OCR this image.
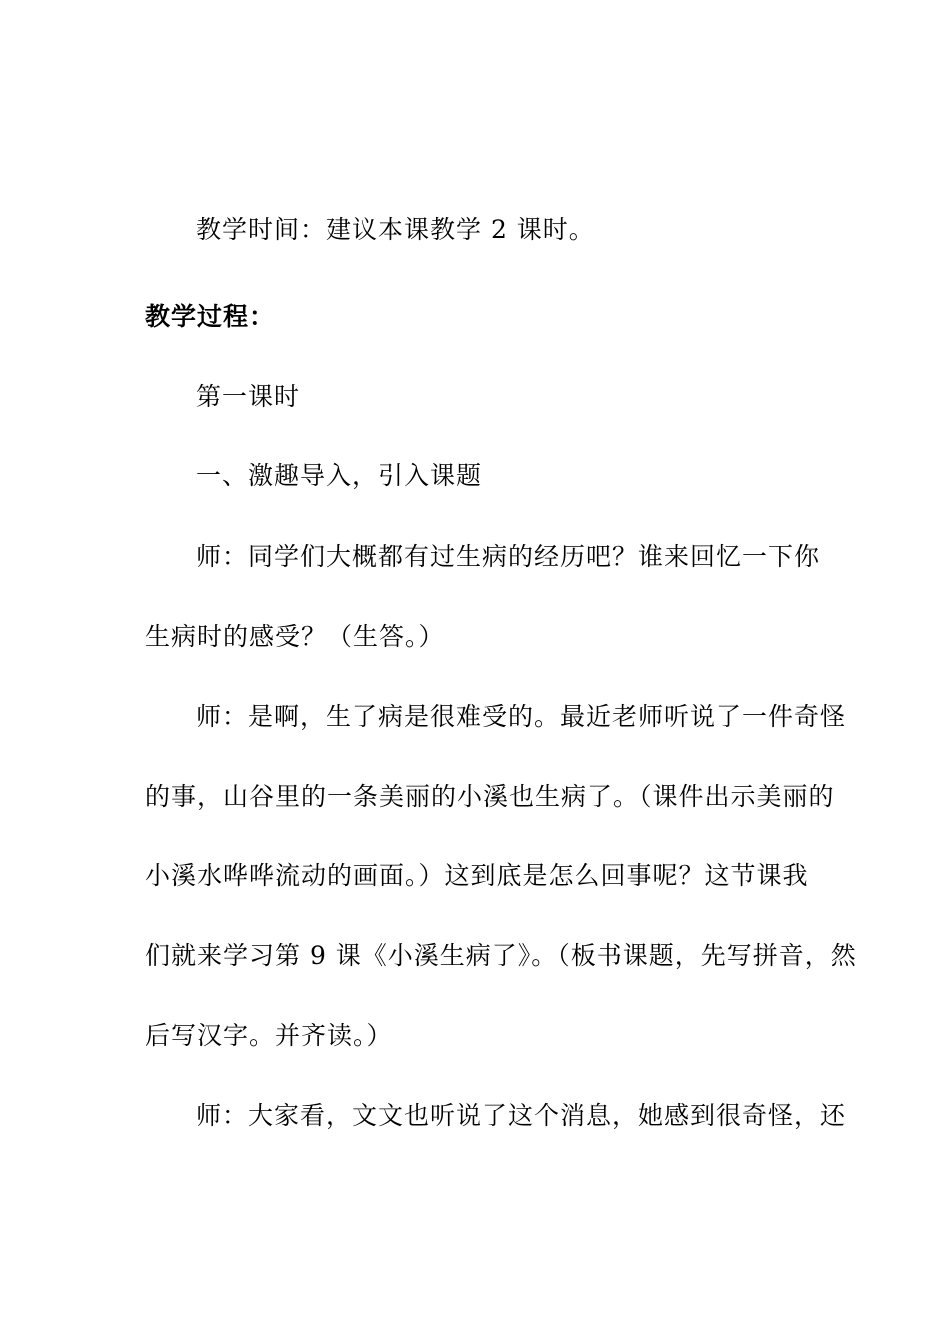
教学时间：建议本课教学 2 课时。
教学过程：
第一课时
一、激趣导入，引入课题
师：同学们大概都有过生病的经历吧？谁来回忆一下你
生病时的感受？（生答。）
师：是啊，生了病是很难受的。最近老师听说了一件奇怪
的事，山谷里的一条美丽的小溪也生病了。（课件出示美丽的
小溪水哗哗流动的画面。）这到底是怎么回事呢？这节课我
们就来学习第 9 课《小溪生病了》。（板书课题，先写拼音，然
后写汉字。并齐读。）
师：大家看，文文也听说了这个消息，她感到很奇怪，还
